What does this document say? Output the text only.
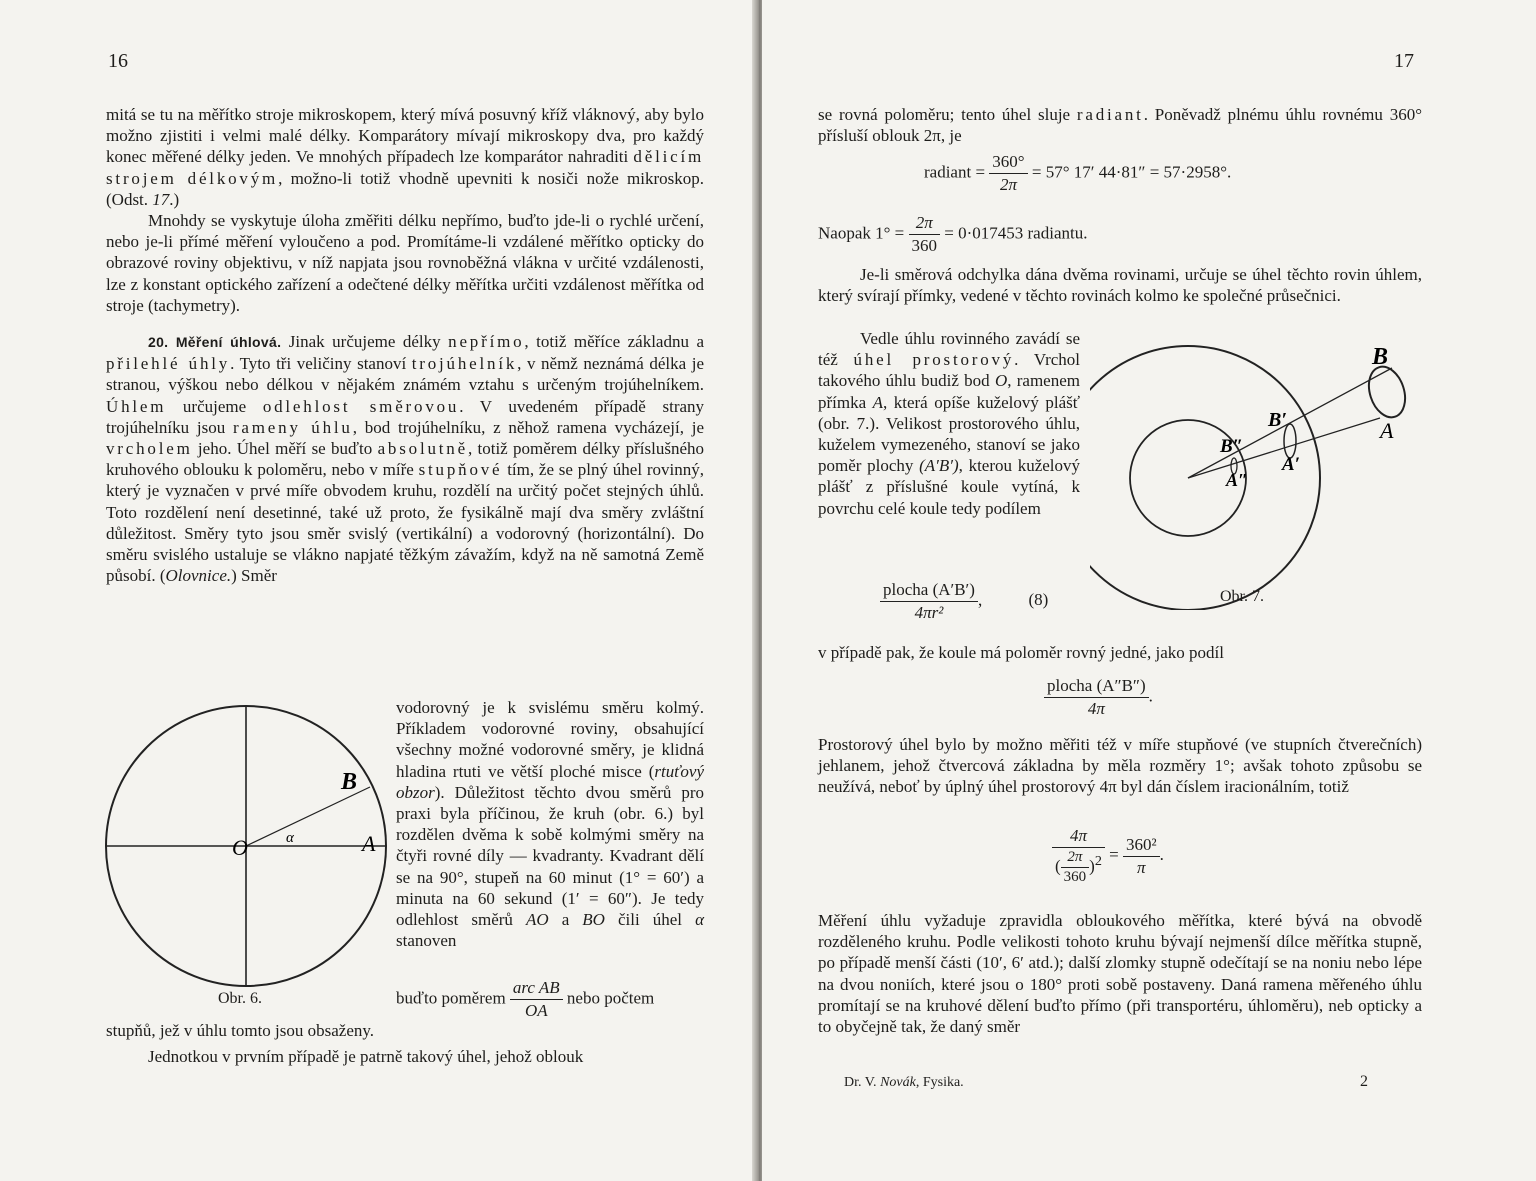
16

mitá se tu na měřítko stroje mikroskopem, který mívá posuvný kříž vláknový, aby bylo možno zjistiti i velmi malé délky. Komparátory mívají mikroskopy dva, pro každý konec měřené délky jeden. Ve mnohých případech lze komparátor nahraditi dělicím strojem délkovým, možno-li totiž vhodně upevniti k nosiči nože mikroskop. (Odst. 17.)

Mnohdy se vyskytuje úloha změřiti délku nepřímo, buďto jde-li o rychlé určení, nebo je-li přímé měření vyloučeno a pod. Promítáme-li vzdálené měřítko opticky do obrazové roviny objektivu, v níž napjata jsou rovnoběžná vlákna v určité vzdálenosti, lze z konstant optického zařízení a odečtené délky měřítka určiti vzdálenost měřítka od stroje (tachymetry).

20. Měření úhlová. Jinak určujeme délky nepřímo, totiž měříce základnu a přilehlé úhly. Tyto tři veličiny stanoví trojúhelník, v němž neznámá délka je stranou, výškou nebo délkou v nějakém známém vztahu s určeným trojúhelníkem. Úhlem určujeme odlehlost směrovou. V uvedeném případě strany trojúhelníku jsou rameny úhlu, bod trojúhelníku, z něhož ramena vycházejí, je vrcholem jeho. Úhel měří se buďto absolutně, totiž poměrem délky příslušného kruhového oblouku k poloměru, nebo v míře stupňové tím, že se plný úhel rovinný, který je vyznačen v prvé míře obvodem kruhu, rozdělí na určitý počet stejných úhlů. Toto rozdělení není desetinné, také už proto, že fysikálně mají dva směry zvláštní důležitost. Směry tyto jsou směr svislý (vertikální) a vodorovný (horizontální). Do směru svislého ustaluje se vlákno napjaté těžkým závažím, když na ně samotná Země působí. (Olovnice.) Směr

B
A
O	α
Obr. 6.

vodorovný je k svislému směru kolmý. Příkladem vodorovné roviny, obsahující všechny možné vodorovné směry, je klidná hladina rtuti ve větší ploché misce (rtuťový obzor). Důležitost těchto dvou směrů pro praxi byla příčinou, že kruh (obr. 6.) byl rozdělen dvěma k sobě kolmými směry na čtyři rovné díly — kvadranty. Kvadrant dělí se na 90°, stupeň na 60 minut (1° = 60′) a minuta na 60 sekund (1′ = 60″). Je tedy odlehlost směrů AO a BO čili úhel α stanoven

buďto poměrem $\frac{\text{arc AB}}{OA}$ nebo počtem

stupňů, jež v úhlu tomto jsou obsaženy.

Jednotkou v prvním případě je patrně takový úhel, jehož oblouk

17

se rovná poloměru; tento úhel sluje radiant. Poněvadž plnému úhlu rovnému 360° přísluší oblouk 2π, je

radiant = $\frac{360^\circ}{2\pi} = 57^\circ$ 17′ 44·81″ = 57·2958°.
Naopak $1^\circ = \frac{2\pi}{360} = 0\cdot 017453$ radiantu.

Je-li směrová odchylka dána dvěma rovinami, určuje se úhel těchto rovin úhlem, který svírají přímky, vedené v těchto rovinách kolmo ke společné průsečnici.

Vedle úhlu rovinného zavádí se též úhel prostorový. Vrchol takového úhlu budiž bod O, ramenem přímka A, která opíše kuželový plášť (obr. 7.). Velikost prostorového úhlu, kuželem vymezeného, stanoví se jako poměr plochy (A′B′), kterou kuželový plášť z příslušné koule vytíná, k povrchu celé koule tedy podílem

B
A
B′
A′
B″
A″
Obr. 7.
$\frac{\text{plocha (A′B′)}}{\text{4πr²}}$ ,	(8)

v případě pak, že koule má poloměr rovný jedné, jako podíl

$\frac{\text{plocha (A″B″)}}{4\pi}$ .

Prostorový úhel bylo by možno měřiti též v míře stupňové (ve stupních čtverečních) jehlanem, jehož čtvercová základna by měla rozměry 1°; avšak tohoto způsobu se neužívá, neboť by úplný úhel prostorový 4π byl dán číslem iracionálním, totiž

$\frac{4\pi}{( \frac{2\pi}{360} )^2} = \frac{\text{360²}}{\pi}$ .

Měření úhlu vyžaduje zpravidla obloukového měřítka, které bývá na obvodě rozděleného kruhu. Podle velikosti tohoto kruhu bývají nejmenší dílce měřítka stupně, po případě menší části (10′, 6′ atd.); další zlomky stupně odečítají se na noniu nebo lépe na dvou noniích, které jsou o 180° proti sobě postaveny. Daná ramena měřeného úhlu promítají se na kruhové dělení buďto přímo (při transportéru, úhloměru), neb opticky a to obyčejně tak, že daný směr

Dr. V. Novák, Fysika.	2
